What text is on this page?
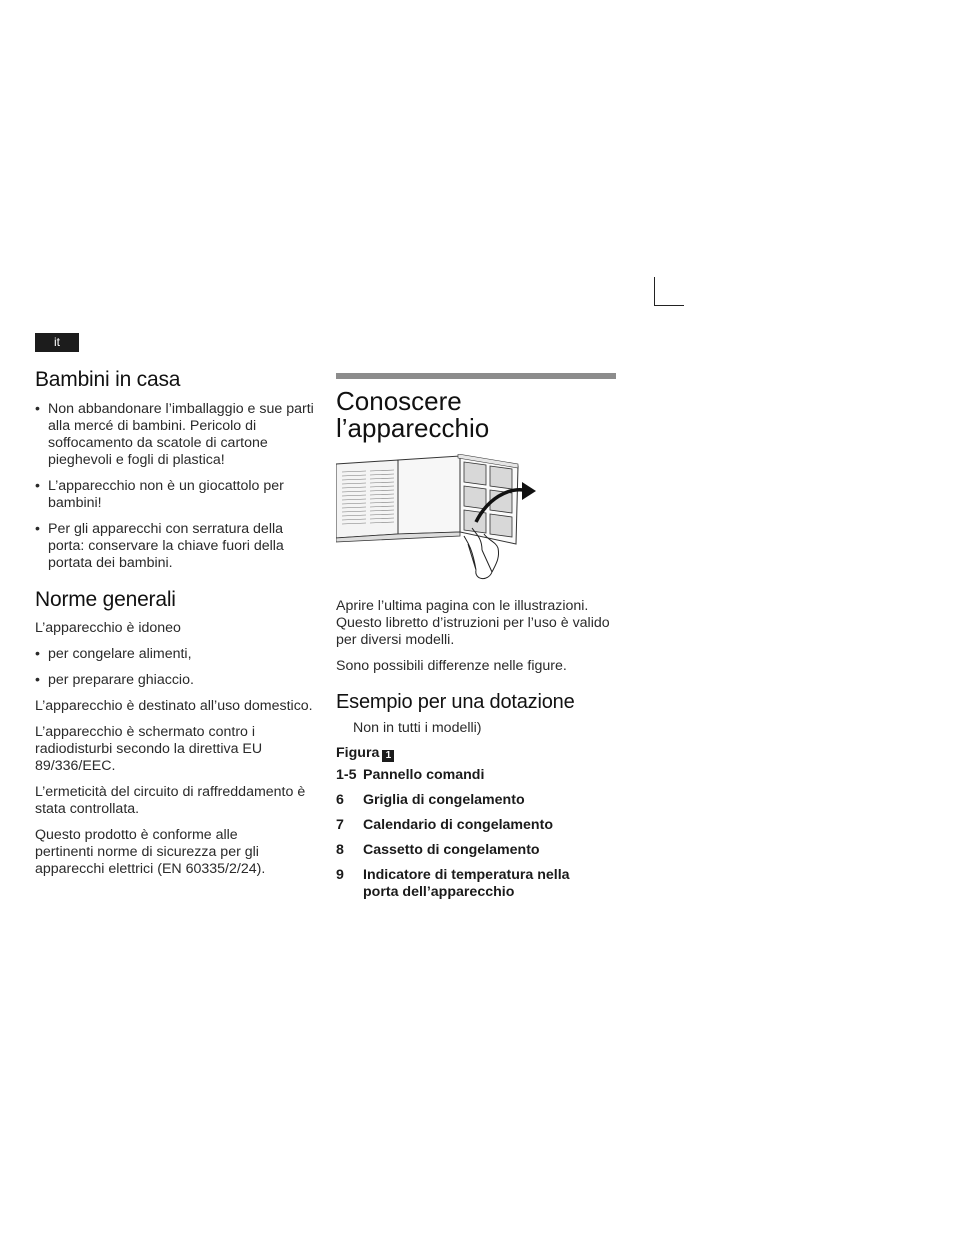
it
Bambini in casa
• Non abbandonare l’imballaggio e sue parti alla mercé di bambini. Pericolo di soffocamento da scatole di cartone pieghevoli e fogli di plastica!
• L’apparecchio non è un giocattolo per bambini!
• Per gli apparecchi con serratura della porta: conservare la chiave fuori della portata dei bambini.
Norme generali

L’apparecchio è idoneo

• per congelare alimenti,
• per preparare ghiaccio.

L’apparecchio è destinato all’uso domestico.

L’apparecchio è schermato contro i radiodisturbi secondo la direttiva EU 89/336/EEC.

L’ermeticità del circuito di raffreddamento è stata controllata.

Questo prodotto è conforme alle pertinenti norme di sicurezza per gli apparecchi elettrici (EN 60335/2/24).

Conoscere
l’apparecchio

Aprire l’ultima pagina con le illustrazioni. Questo libretto d’istruzioni per l’uso è valido per diversi modelli.

Sono possibili differenze nelle figure.

Esempio per una dotazione

Non in tutti i modelli)

Figura 1

1-5 Pannello comandi
6	Griglia di congelamento
7	Calendario di congelamento
8	Cassetto di congelamento
9	Indicatore di temperatura nella porta dell’apparecchio
